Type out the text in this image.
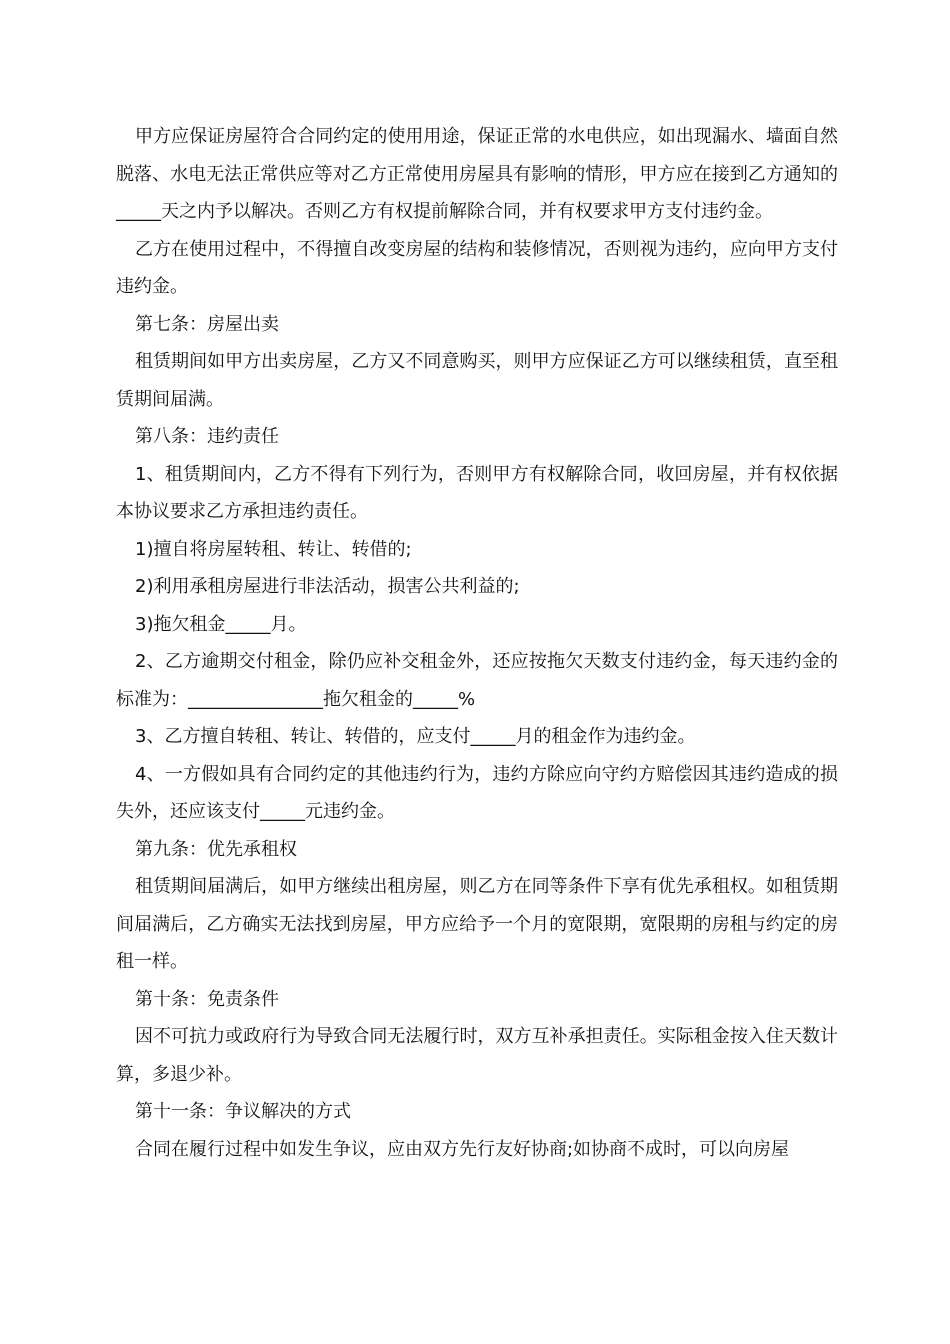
甲方应保证房屋符合合同约定的使用用途，保证正常的水电供应，如出现漏水、墙面自然脱落、水电无法正常供应等对乙方正常使用房屋具有影响的情形，甲方应在接到乙方通知的_____天之内予以解决。否则乙方有权提前解除合同，并有权要求甲方支付违约金。

乙方在使用过程中，不得擅自改变房屋的结构和装修情况，否则视为违约，应向甲方支付违约金。

第七条：房屋出卖

租赁期间如甲方出卖房屋，乙方又不同意购买，则甲方应保证乙方可以继续租赁，直至租赁期间届满。

第八条：违约责任

1、租赁期间内，乙方不得有下列行为，否则甲方有权解除合同，收回房屋，并有权依据本协议要求乙方承担违约责任。

1)擅自将房屋转租、转让、转借的;

2)利用承租房屋进行非法活动，损害公共利益的;

3)拖欠租金_____月。

2、乙方逾期交付租金，除仍应补交租金外，还应按拖欠天数支付违约金，每天违约金的标准为：_______________拖欠租金的_____%

3、乙方擅自转租、转让、转借的，应支付_____月的租金作为违约金。

4、一方假如具有合同约定的其他违约行为，违约方除应向守约方赔偿因其违约造成的损失外，还应该支付_____元违约金。

第九条：优先承租权

租赁期间届满后，如甲方继续出租房屋，则乙方在同等条件下享有优先承租权。如租赁期间届满后，乙方确实无法找到房屋，甲方应给予一个月的宽限期，宽限期的房租与约定的房租一样。

第十条：免责条件

因不可抗力或政府行为导致合同无法履行时，双方互补承担责任。实际租金按入住天数计算，多退少补。

第十一条：争议解决的方式

合同在履行过程中如发生争议，应由双方先行友好协商;如协商不成时，可以向房屋
